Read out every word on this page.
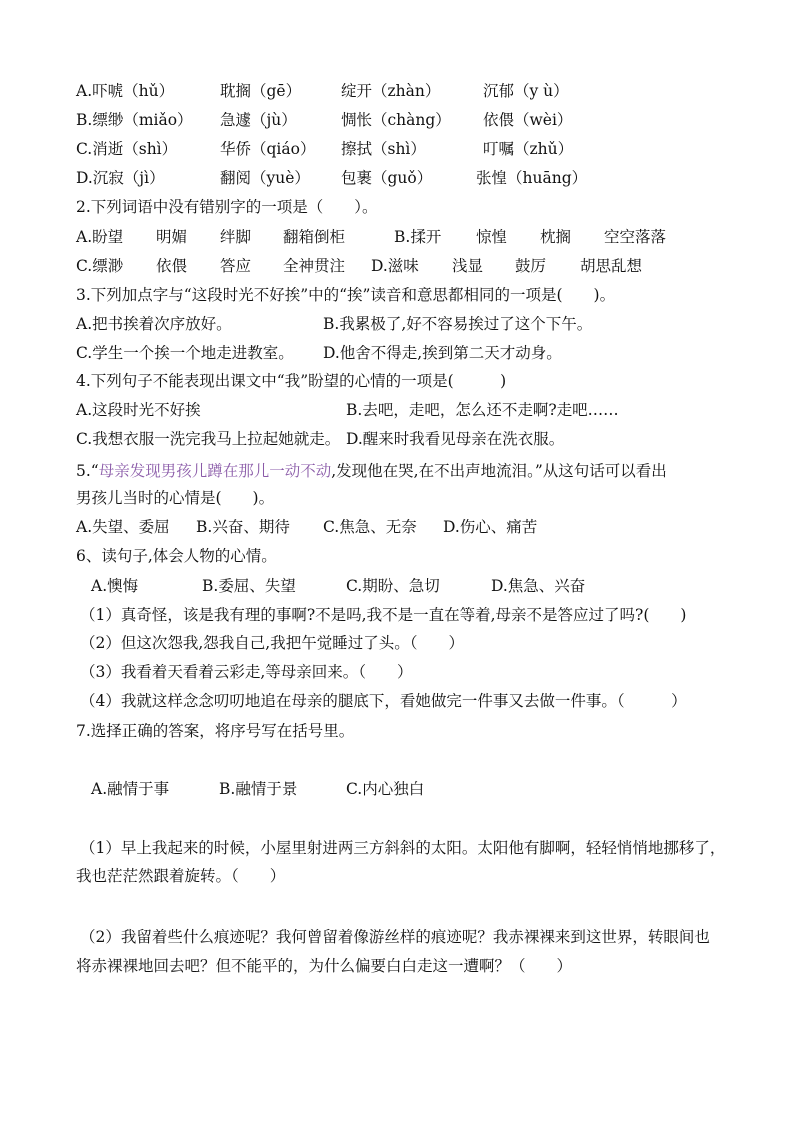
A.吓唬（hǔ）	耽搁（gē）	绽开（zhàn）	沉郁（y ù）
B.缥缈（miǎo） 急遽（jù）	惆怅（chàng） 依偎（wèi）
C.消逝（shì）	华侨（qiáo） 擦拭（shì）	叮嘱（zhǔ）
D.沉寂（jì）	翻阅（yuè） 包裹（guǒ）	张惶（huāng）
2.下列词语中没有错别字的一项是（　　）。
A.盼望 明媚 绊脚 翻箱倒柜	B.揉开 惊惶 枕搁 空空落落
C.缥渺 依偎 答应 全神贯注 D.滋味 浅显 鼓厉 胡思乱想
3.下列加点字与“这段时光不好挨”中的“挨”读音和意思都相同的一项是(　　)。
A.把书挨着次序放好。	B.我累极了,好不容易挨过了这个下午。
C.学生一个挨一个地走进教室。 D.他舍不得走,挨到第二天才动身。
4.下列句子不能表现出课文中“我”盼望的心情的一项是(　　　)
A.这段时光不好挨	B.去吧，走吧，怎么还不走啊?走吧……
C.我想衣服一洗完我马上拉起她就走。 D.醒来时我看见母亲在洗衣服。
5.“母亲发现男孩儿蹲在那儿一动不动,发现他在哭,在不出声地流泪。”从这句话可以看出
男孩儿当时的心情是(　　)。
A.失望、委屈 B.兴奋、期待 C.焦急、无奈 D.伤心、痛苦
6、读句子,体会人物的心情。
A.懊悔	B.委屈、失望	C.期盼、急切	D.焦急、兴奋
（1）真奇怪，该是我有理的事啊?不是吗,我不是一直在等着,母亲不是答应过了吗?(　　)
（2）但这次怨我,怨我自己,我把午觉睡过了头。（　　）
（3）我看着天看着云彩走,等母亲回来。（　　）
（4）我就这样念念叨叨地追在母亲的腿底下，看她做完一件事又去做一件事。（　　　）
7.选择正确的答案，将序号写在括号里。
A.融情于事	B.融情于景	C.内心独白
（1）早上我起来的时候，小屋里射进两三方斜斜的太阳。太阳他有脚啊，轻轻悄悄地挪移了，
我也茫茫然跟着旋转。（　　）
（2）我留着些什么痕迹呢？我何曾留着像游丝样的痕迹呢？我赤裸裸来到这世界，转眼间也
将赤裸裸地回去吧？但不能平的，为什么偏要白白走这一遭啊？（　　）
